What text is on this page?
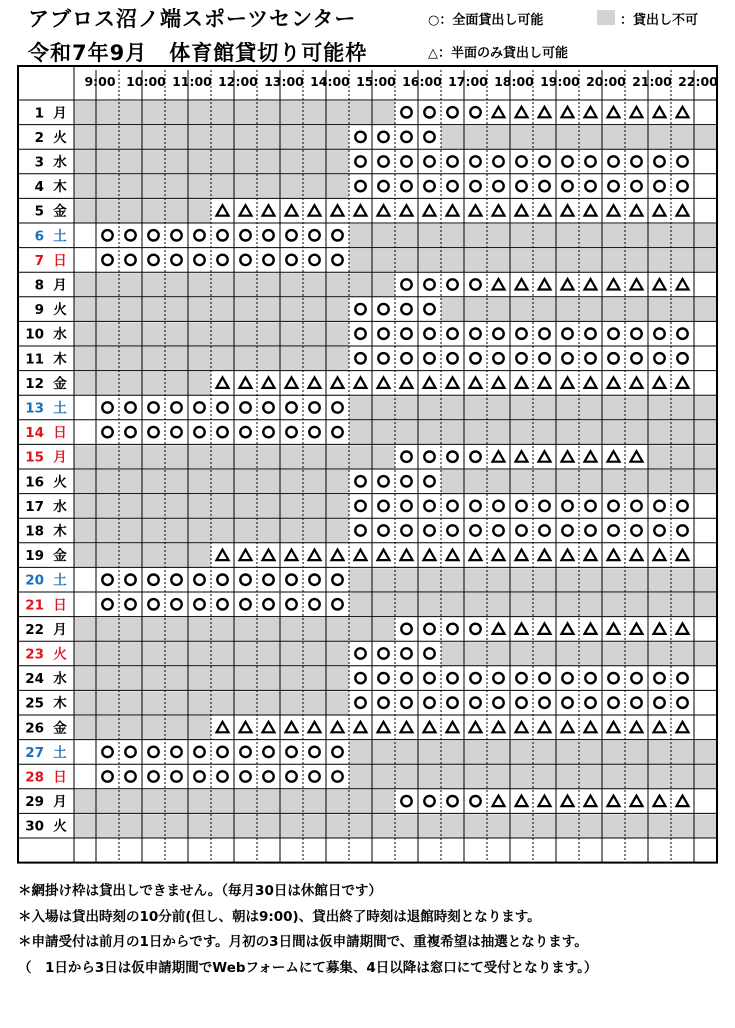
アブロス沼ノ端スポーツセンター
令和7年9月　体育館貸切り可能枠
○：全面貸出し可能	：貸出し不可
△：半面のみ貸出し可能
9:00 10:00 11:00 12:00 13:00 14:00 15:00 16:00 17:00 18:00 19:00 20:00 21:00 22:00
1 月
2 火
3 水
4 木
5 金
6 土
7 日
8 月
9 火
10 水
11 木
12 金
13 土
14 日
15 月
16 火
17 水
18 木
19 金
20 土
21 日
22 月
23 火
24 水
25 木
26 金
27 土
28 日
29 月
30 火
＊網掛け枠は貸出しできません。（毎月30日は休館日です）
＊入場は貸出時刻の10分前(但し、朝は9:00)、貸出終了時刻は退館時刻となります。
＊申請受付は前月の1日からです。月初の3日間は仮申請期間で、重複希望は抽選となります。
（　1日から3日は仮申請期間でWebフォームにて募集、4日以降は窓口にて受付となります。）
